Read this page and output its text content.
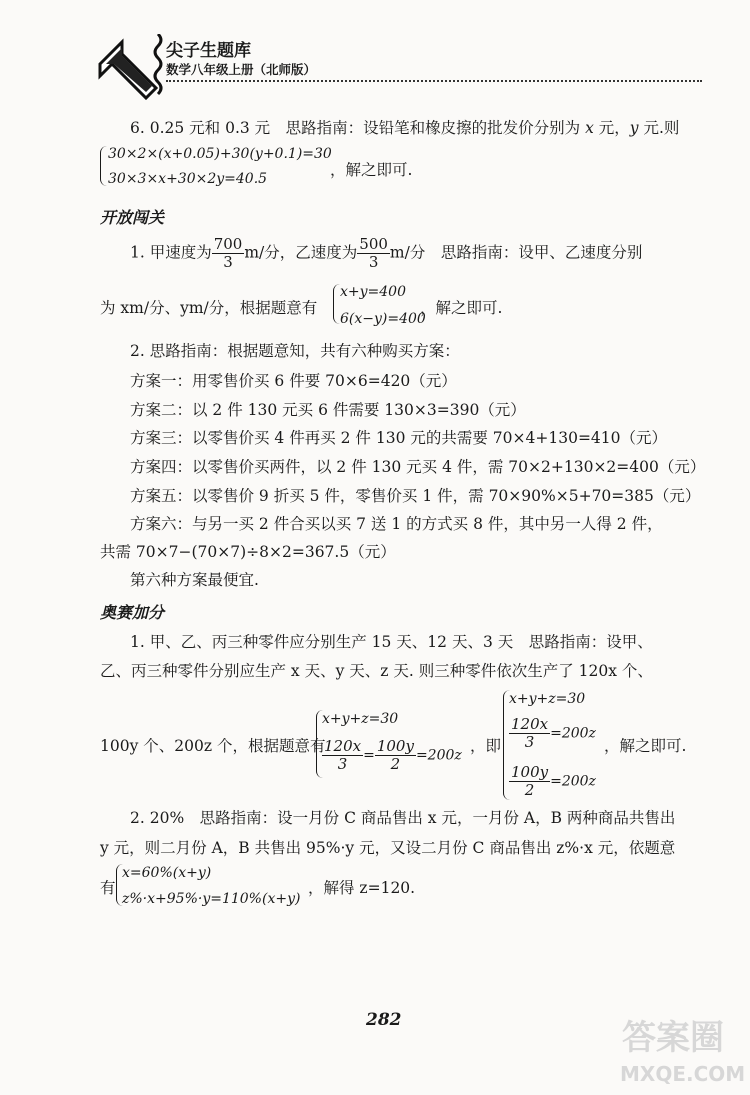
尖子生题库
数学八年级上册（北师版）
6. 0.25 元和 0.3 元　思路指南：设铅笔和橡皮擦的批发价分别为 x 元，y 元.则
30×2×(x+0.05)+30(y+0.1)=30
30×3×x+30×2y=40.5	，解之即可.
开放闯关
1. 甲速度为 $\frac{700}{3} m/$分，乙速度为 $\frac{500}{3} m/$分　思路指南：设甲、乙速度分别
为 xm/分、ym/分，根据题意有
x+y=400
6(x−y)=400
，解之即可.
2. 思路指南：根据题意知，共有六种购买方案：
方案一：用零售价买 6 件要 70×6=420（元）
方案二：以 2 件 130 元买 6 件需要 130×3=390（元）
方案三：以零售价买 4 件再买 2 件 130 元的共需要 70×4+130=410（元）
方案四：以零售价买两件，以 2 件 130 元买 4 件，需 70×2+130×2=400（元）
方案五：以零售价 9 折买 5 件，零售价买 1 件，需 70×90%×5+70=385（元）
方案六：与另一买 2 件合买以买 7 送 1 的方式买 8 件，其中另一人得 2 件，
共需 70×7−(70×7)÷8×2=367.5（元）
第六种方案最便宜.
奥赛加分
1. 甲、乙、丙三种零件应分别生产 15 天、12 天、3 天　思路指南：设甲、
乙、丙三种零件分别应生产 x 天、y 天、z 天. 则三种零件依次生产了 120x 个、
100y 个、200z 个，根据题意有
x+y+z=30
$\frac{120x}{3} = \frac{100y}{2} =200z$
，即
x+y+z=30
$\frac{120x}{3} =200z$
$\frac{100y}{2} =200z$
，解之即可.
2. 20%　思路指南：设一月份 C 商品售出 x 元，一月份 A，B 两种商品共售出
y 元，则二月份 A，B 共售出 95%·y 元，又设二月份 C 商品售出 z%·x 元，依题意
有
x=60%(x+y)
z%·x+95%·y=110%(x+y)
，解得 z=120.
282	答案圈
MXQE.COM
